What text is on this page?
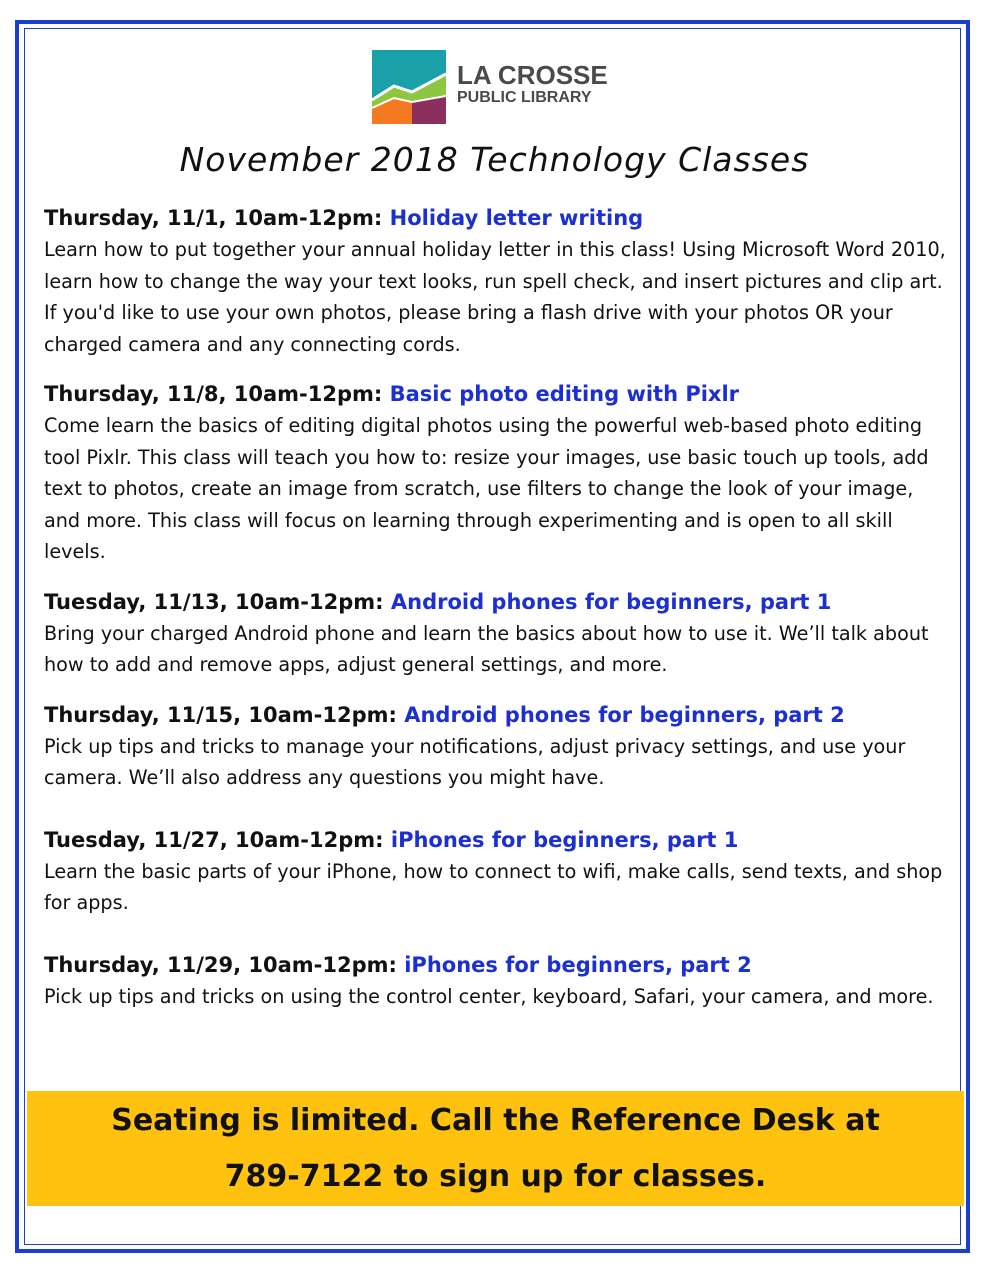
LA CROSSE
PUBLIC LIBRARY
November 2018 Technology Classes
Thursday, 11/1, 10am-12pm: Holiday letter writing
Learn how to put together your annual holiday letter in this class! Using Microsoft Word 2010, learn how to change the way your text looks, run spell check, and insert pictures and clip art. If you'd like to use your own photos, please bring a flash drive with your photos OR your charged camera and any connecting cords.
Thursday, 11/8, 10am-12pm: Basic photo editing with Pixlr
Come learn the basics of editing digital photos using the powerful web-based photo editing tool Pixlr. This class will teach you how to: resize your images, use basic touch up tools, add text to photos, create an image from scratch, use filters to change the look of your image, and more. This class will focus on learning through experimenting and is open to all skill levels.
Tuesday, 11/13, 10am-12pm: Android phones for beginners, part 1
Bring your charged Android phone and learn the basics about how to use it. We’ll talk about how to add and remove apps, adjust general settings, and more.
Thursday, 11/15, 10am-12pm: Android phones for beginners, part 2
Pick up tips and tricks to manage your notifications, adjust privacy settings, and use your camera. We’ll also address any questions you might have.
Tuesday, 11/27, 10am-12pm: iPhones for beginners, part 1
Learn the basic parts of your iPhone, how to connect to wifi, make calls, send texts, and shop for apps.
Thursday, 11/29, 10am-12pm: iPhones for beginners, part 2
Pick up tips and tricks on using the control center, keyboard, Safari, your camera, and more.
Seating is limited. Call the Reference Desk at
789-7122 to sign up for classes.
